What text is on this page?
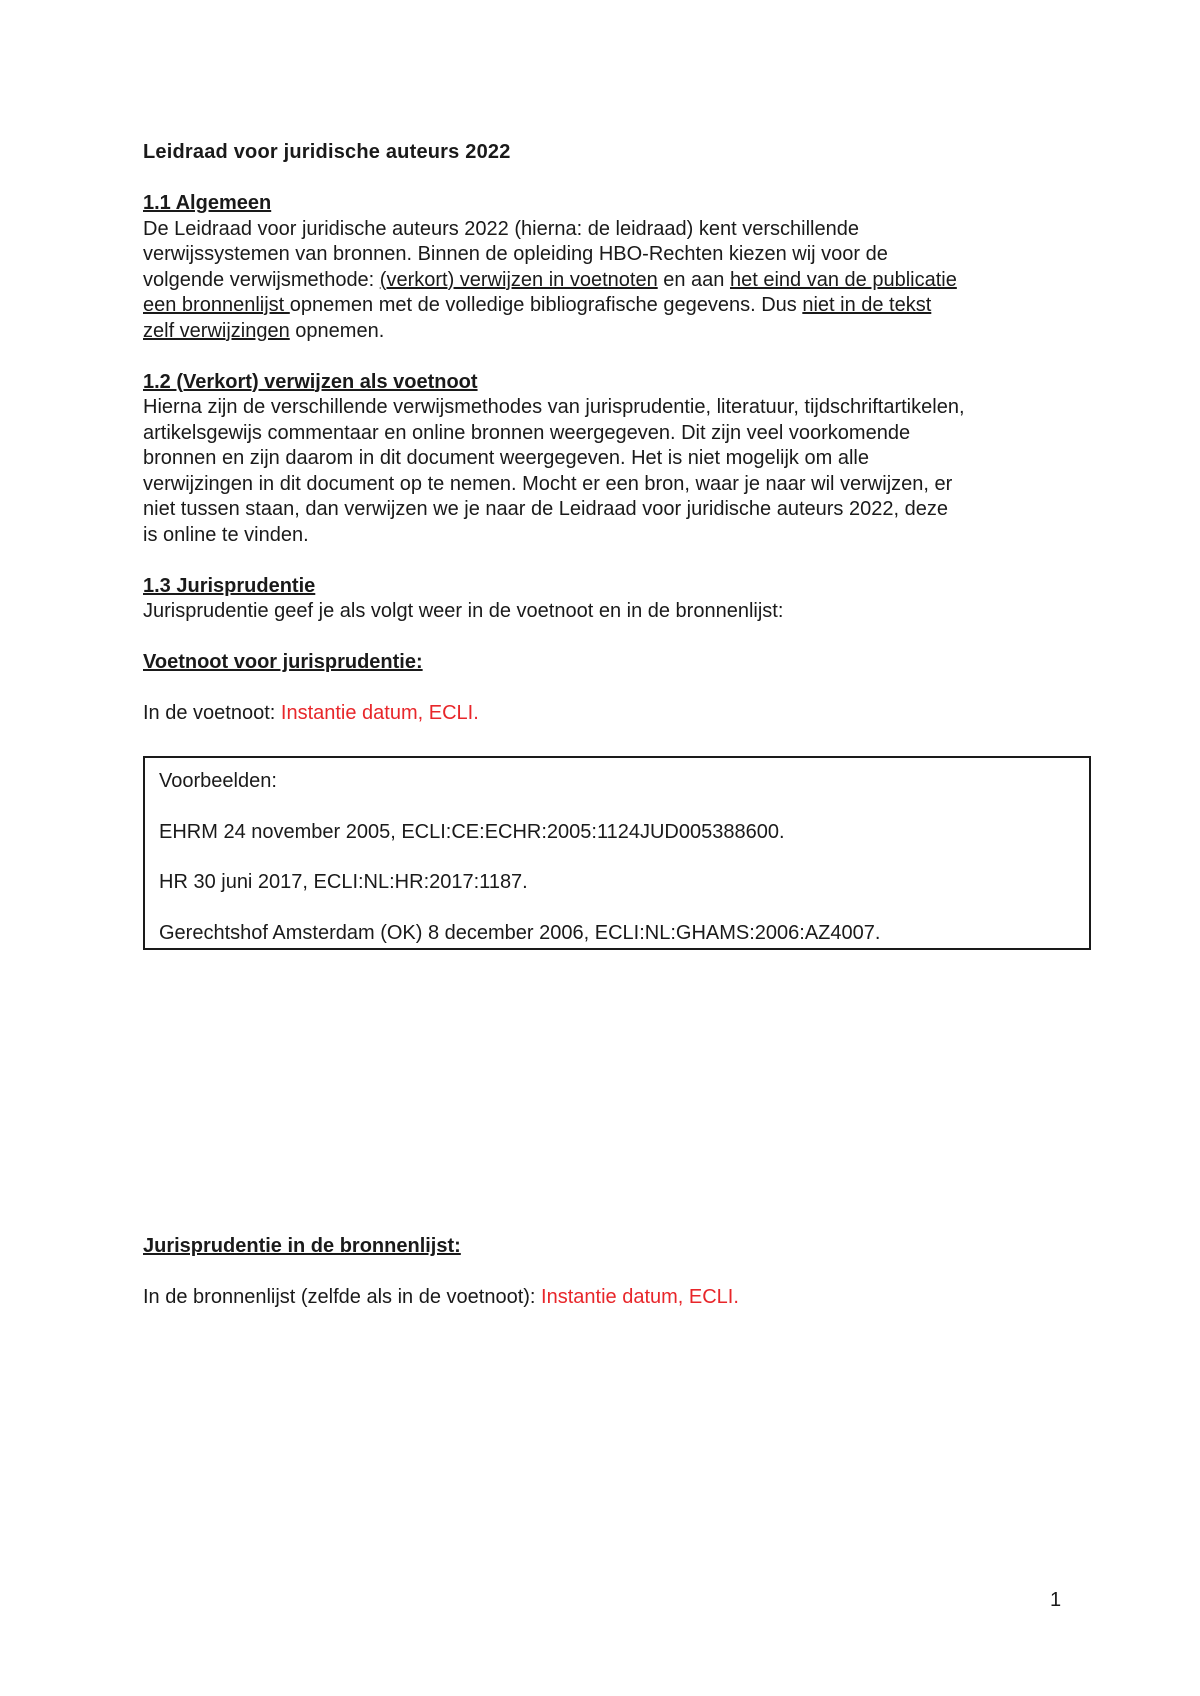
Leidraad voor juridische auteurs 2022
1.1 Algemeen
De Leidraad voor juridische auteurs 2022 (hierna: de leidraad) kent verschillende
verwijssystemen van bronnen. Binnen de opleiding HBO-Rechten kiezen wij voor de
volgende verwijsmethode: (verkort) verwijzen in voetnoten en aan het eind van de publicatie
een bronnenlijst opnemen met de volledige bibliografische gegevens. Dus niet in de tekst
zelf verwijzingen opnemen.
1.2 (Verkort) verwijzen als voetnoot
Hierna zijn de verschillende verwijsmethodes van jurisprudentie, literatuur, tijdschriftartikelen,
artikelsgewijs commentaar en online bronnen weergegeven. Dit zijn veel voorkomende
bronnen en zijn daarom in dit document weergegeven. Het is niet mogelijk om alle
verwijzingen in dit document op te nemen. Mocht er een bron, waar je naar wil verwijzen, er
niet tussen staan, dan verwijzen we je naar de Leidraad voor juridische auteurs 2022, deze
is online te vinden.
1.3 Jurisprudentie
Jurisprudentie geef je als volgt weer in de voetnoot en in de bronnenlijst:
Voetnoot voor jurisprudentie:
In de voetnoot: Instantie datum, ECLI.
Voorbeelden:
EHRM 24 november 2005, ECLI:CE:ECHR:2005:1124JUD005388600.
HR 30 juni 2017, ECLI:NL:HR:2017:1187.
Gerechtshof Amsterdam (OK) 8 december 2006, ECLI:NL:GHAMS:2006:AZ4007.
Jurisprudentie in de bronnenlijst:
In de bronnenlijst (zelfde als in de voetnoot): Instantie datum, ECLI.
1
